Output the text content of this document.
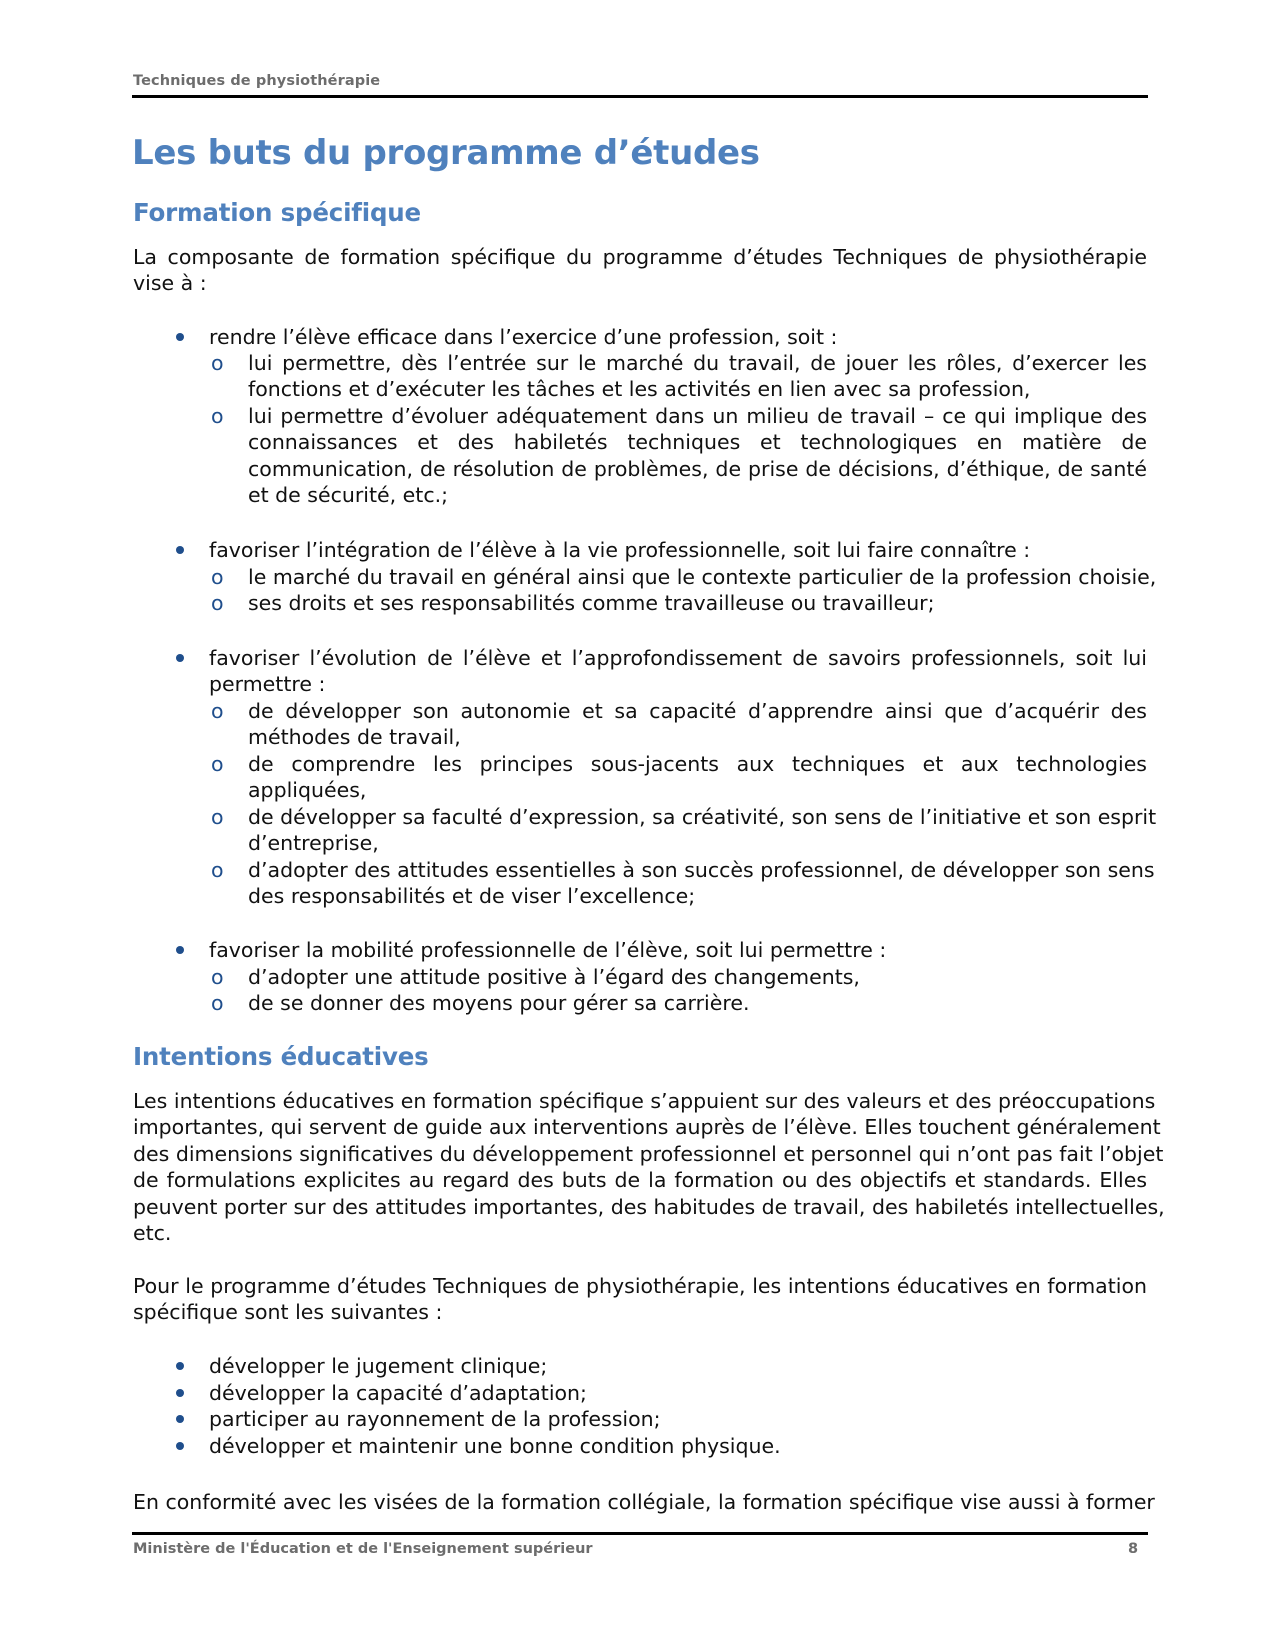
Techniques de physiothérapie
Les buts du programme d’études
Formation spécifique
La composante de formation spécifique du programme d’études Techniques de physiothérapie
vise à :
rendre l’élève efficace dans l’exercice d’une profession, soit :
o lui permettre, dès l’entrée sur le marché du travail, de jouer les rôles, d’exercer les
fonctions et d’exécuter les tâches et les activités en lien avec sa profession,
o lui permettre d’évoluer adéquatement dans un milieu de travail – ce qui implique des
connaissances et des habiletés techniques et technologiques en matière de
communication, de résolution de problèmes, de prise de décisions, d’éthique, de santé
et de sécurité, etc.;
favoriser l’intégration de l’élève à la vie professionnelle, soit lui faire connaître :
o le marché du travail en général ainsi que le contexte particulier de la profession choisie,
o ses droits et ses responsabilités comme travailleuse ou travailleur;
favoriser l’évolution de l’élève et l’approfondissement de savoirs professionnels, soit lui
permettre :
o de développer son autonomie et sa capacité d’apprendre ainsi que d’acquérir des
méthodes de travail,
o de comprendre les principes sous-jacents aux techniques et aux technologies
appliquées,
o de développer sa faculté d’expression, sa créativité, son sens de l’initiative et son esprit
d’entreprise,
o d’adopter des attitudes essentielles à son succès professionnel, de développer son sens
des responsabilités et de viser l’excellence;
favoriser la mobilité professionnelle de l’élève, soit lui permettre :
o d’adopter une attitude positive à l’égard des changements,
o de se donner des moyens pour gérer sa carrière.
Intentions éducatives
Les intentions éducatives en formation spécifique s’appuient sur des valeurs et des préoccupations
importantes, qui servent de guide aux interventions auprès de l’élève. Elles touchent généralement
des dimensions significatives du développement professionnel et personnel qui n’ont pas fait l’objet
de formulations explicites au regard des buts de la formation ou des objectifs et standards. Elles
peuvent porter sur des attitudes importantes, des habitudes de travail, des habiletés intellectuelles,
etc.
Pour le programme d’études Techniques de physiothérapie, les intentions éducatives en formation
spécifique sont les suivantes :
développer le jugement clinique;
développer la capacité d’adaptation;
participer au rayonnement de la profession;
développer et maintenir une bonne condition physique.
En conformité avec les visées de la formation collégiale, la formation spécifique vise aussi à former
Ministère de l'Éducation et de l'Enseignement supérieur	8
